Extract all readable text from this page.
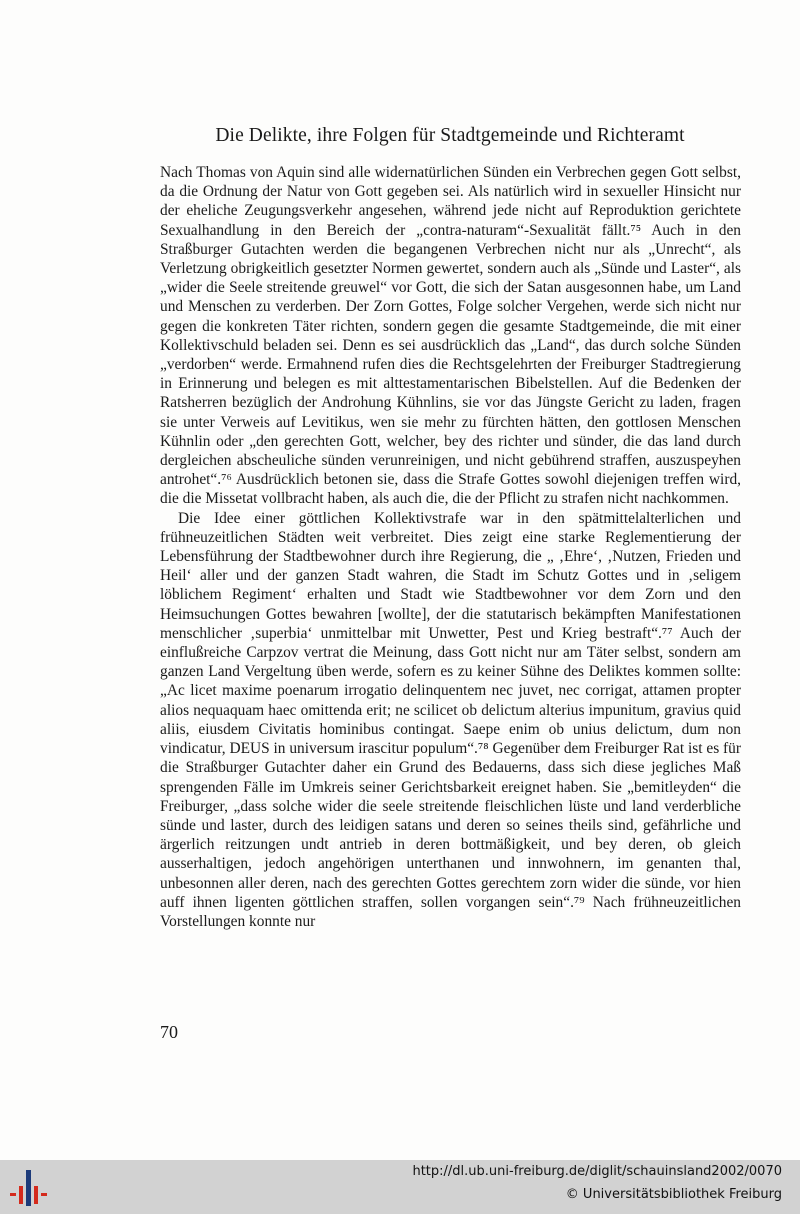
Die Delikte, ihre Folgen für Stadtgemeinde und Richteramt

Nach Thomas von Aquin sind alle widernatürlichen Sünden ein Verbrechen gegen Gott selbst, da die Ordnung der Natur von Gott gegeben sei. Als natürlich wird in sexueller Hinsicht nur der eheliche Zeugungsverkehr angesehen, während jede nicht auf Reproduktion gerichtete Sexualhandlung in den Bereich der „contra-naturam“-Sexualität fällt.⁷⁵ Auch in den Straßburger Gutachten werden die begangenen Verbrechen nicht nur als „Unrecht“, als Verletzung obrigkeitlich gesetzter Normen gewertet, sondern auch als „Sünde und Laster“, als „wider die Seele streitende greuwel“ vor Gott, die sich der Satan ausgesonnen habe, um Land und Menschen zu verderben. Der Zorn Gottes, Folge solcher Vergehen, werde sich nicht nur gegen die konkreten Täter richten, sondern gegen die gesamte Stadtgemeinde, die mit einer Kollektivschuld beladen sei. Denn es sei ausdrücklich das „Land“, das durch solche Sünden „verdorben“ werde. Ermahnend rufen dies die Rechtsgelehrten der Freiburger Stadtregierung in Erinnerung und belegen es mit alttestamentarischen Bibelstellen. Auf die Bedenken der Ratsherren bezüglich der Androhung Kühnlins, sie vor das Jüngste Gericht zu laden, fragen sie unter Verweis auf Levitikus, wen sie mehr zu fürchten hätten, den gottlosen Menschen Kühnlin oder „den gerechten Gott, welcher, bey des richter und sünder, die das land durch dergleichen abscheuliche sünden verunreinigen, und nicht gebührend straffen, auszuspeyhen antrohet“.⁷⁶ Ausdrücklich betonen sie, dass die Strafe Gottes sowohl diejenigen treffen wird, die die Missetat vollbracht haben, als auch die, die der Pflicht zu strafen nicht nachkommen.

Die Idee einer göttlichen Kollektivstrafe war in den spätmittelalterlichen und frühneuzeitlichen Städten weit verbreitet. Dies zeigt eine starke Reglementierung der Lebensführung der Stadtbewohner durch ihre Regierung, die „ ‚Ehre‘, ‚Nutzen, Frieden und Heil‘ aller und der ganzen Stadt wahren, die Stadt im Schutz Gottes und in ‚seligem löblichem Regiment‘ erhalten und Stadt wie Stadtbewohner vor dem Zorn und den Heimsuchungen Gottes bewahren [wollte], der die statutarisch bekämpften Manifestationen menschlicher ‚superbia‘ unmittelbar mit Unwetter, Pest und Krieg bestraft“.⁷⁷ Auch der einflußreiche Carpzov vertrat die Meinung, dass Gott nicht nur am Täter selbst, sondern am ganzen Land Vergeltung üben werde, sofern es zu keiner Sühne des Deliktes kommen sollte: „Ac licet maxime poenarum irrogatio delinquentem nec juvet, nec corrigat, attamen propter alios nequaquam haec omittenda erit; ne scilicet ob delictum alterius impunitum, gravius quid aliis, eiusdem Civitatis hominibus contingat. Saepe enim ob unius delictum, dum non vindicatur, DEUS in universum irascitur populum“.⁷⁸ Gegenüber dem Freiburger Rat ist es für die Straßburger Gutachter daher ein Grund des Bedauerns, dass sich diese jegliches Maß sprengenden Fälle im Umkreis seiner Gerichtsbarkeit ereignet haben. Sie „bemitleyden“ die Freiburger, „dass solche wider die seele streitende fleischlichen lüste und land verderbliche sünde und laster, durch des leidigen satans und deren so seines theils sind, gefährliche und ärgerlich reitzungen undt antrieb in deren bottmäßigkeit, und bey deren, ob gleich ausserhaltigen, jedoch angehörigen unterthanen und innwohnern, im genanten thal, unbesonnen aller deren, nach des gerechten Gottes gerechtem zorn wider die sünde, vor hien auff ihnen ligenten göttlichen straffen, sollen vorgangen sein“.⁷⁹ Nach frühneuzeitlichen Vorstellungen konnte nur

70
http://dl.ub.uni-freiburg.de/diglit/schauinsland2002/0070
© Universitätsbibliothek Freiburg
